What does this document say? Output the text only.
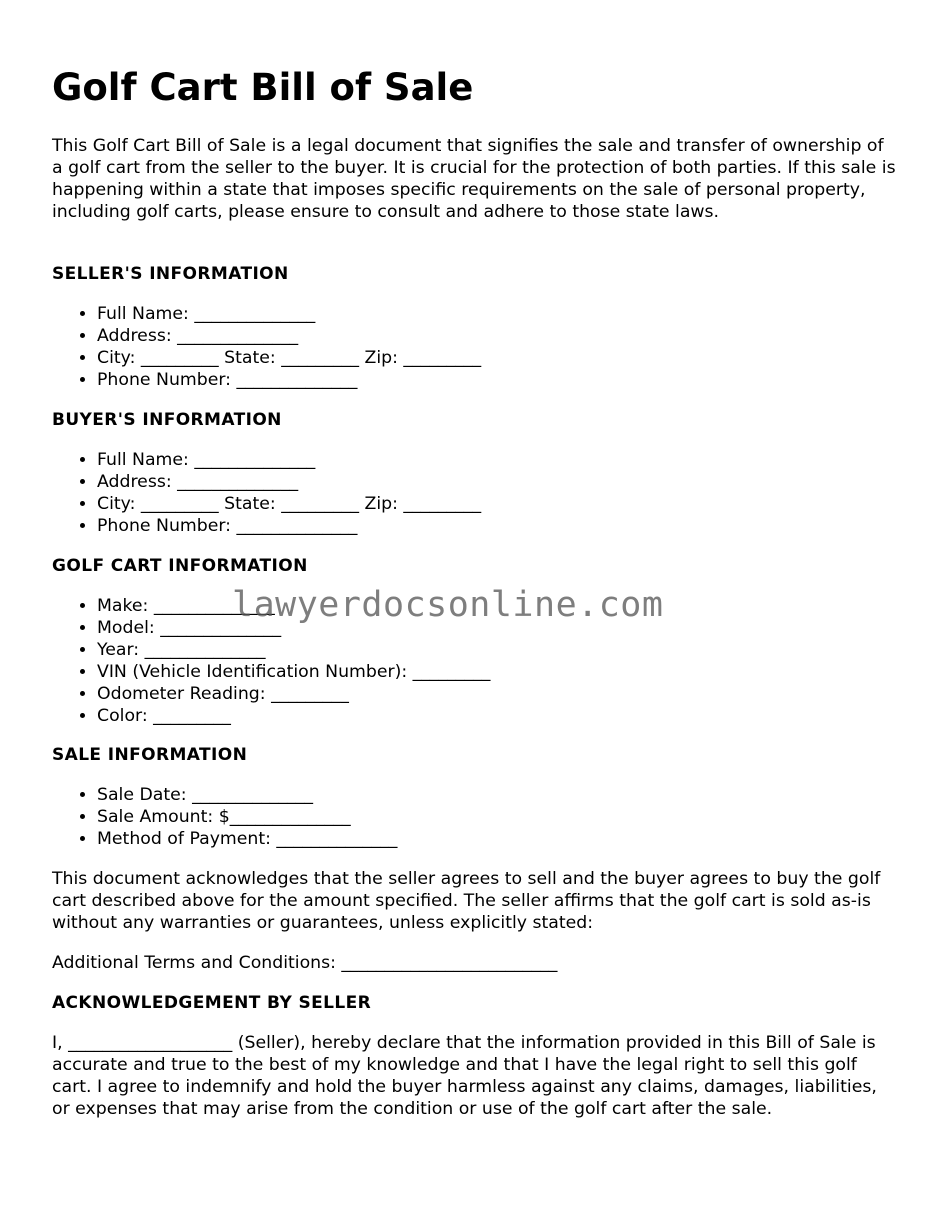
Golf Cart Bill of Sale

This Golf Cart Bill of Sale is a legal document that signifies the sale and transfer of ownership of a golf cart from the seller to the buyer. It is crucial for the protection of both parties. If this sale is happening within a state that imposes specific requirements on the sale of personal property, including golf carts, please ensure to consult and adhere to those state laws.

SELLER'S INFORMATION
• Full Name: ______________
• Address: ______________
• City: _________ State: _________ Zip: _________
• Phone Number: ______________
BUYER'S INFORMATION
• Full Name: ______________
• Address: ______________
• City: _________ State: _________ Zip: _________
• Phone Number: ______________
GOLF CART INFORMATION
• Make: ______________
• Model: ______________
• Year: ______________
• VIN (Vehicle Identification Number): _________
• Odometer Reading: _________
• Color: _________
SALE INFORMATION
• Sale Date: ______________
• Sale Amount: $______________
• Method of Payment: ______________

This document acknowledges that the seller agrees to sell and the buyer agrees to buy the golf cart described above for the amount specified. The seller affirms that the golf cart is sold as-is without any warranties or guarantees, unless explicitly stated:

Additional Terms and Conditions: _________________________

ACKNOWLEDGEMENT BY SELLER

I, ___________________ (Seller), hereby declare that the information provided in this Bill of Sale is accurate and true to the best of my knowledge and that I have the legal right to sell this golf cart. I agree to indemnify and hold the buyer harmless against any claims, damages, liabilities, or expenses that may arise from the condition or use of the golf cart after the sale.

lawyerdocsonline.com
